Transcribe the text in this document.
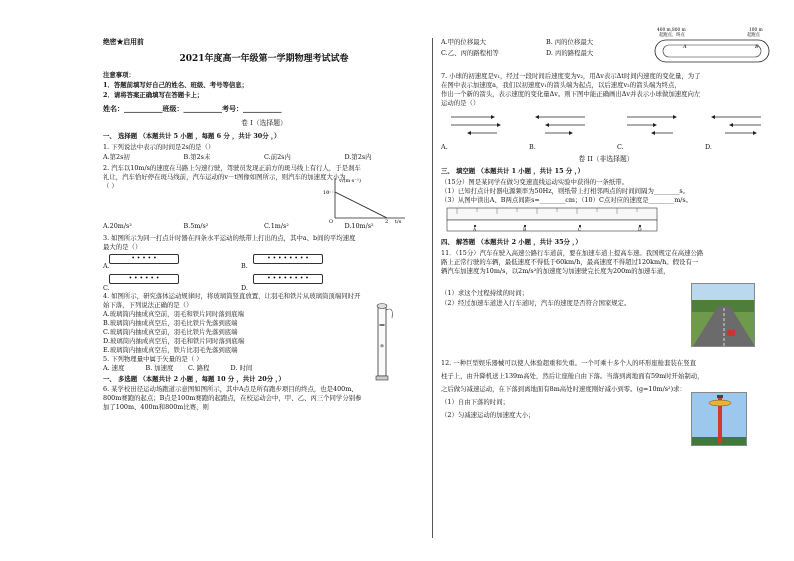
绝密★启用前
2021年度高一年级第一学期物理考试试卷
注意事项：
1．答题前填写好自己的姓名、班级、考号等信息；
2．请将答案正确填写在答题卡上；
姓名：___________班级：___________考号：___________
卷 I（选择题）

一、 选择题 （本题共计 5 小题 ，每题 6 分 ，共计 30分 ，）

1. 下列说法中表示的时间是2s的是（）

A.第2s初	B.第2s末	C.前2s内	D.第2s内

2. 汽车以10m/s的速度在马路上匀速行驶，驾驶员发现正前方的斑马线上有行人，于是刹车

礼让，汽车恰好停在斑马线前，汽车运动的v－t图像如图所示，则汽车的加速度大小为

（ ）
v/(m·s⁻¹)
10
O	2 t/s
A.20m/s²	B.5m/s²	C.1m/s²	D.10m/s²

3. 如图所示为同一打点计时器在四条水平运动的纸带上打出的点，其中a、b间的平均速度

最大的是（）

A.
• • • • •
B.
• • • • • • • •
C.
• • • • • •
D.
• • • • • • • •

4. 如图所示，研究落体运动规律时，将玻璃筒竖直放置，让羽毛和铁片从玻璃筒顶端同时开

始下落，下列说法正确的是（）

A.玻璃筒内抽成真空前，羽毛和铁片同时落到底端

B.玻璃筒内抽成真空后，羽毛比铁片先落到底端

C.玻璃筒内抽成真空前，羽毛比铁片先落到底端

D.玻璃筒内抽成真空后，羽毛和铁片同时落到底端

E.玻璃筒内抽成真空后，铁片比羽毛先落到底端

5. 下列物理量中属于矢量的是（ ）

A. 速度	B. 加速度	C. 路程	D. 时间

一、 多选题 （本题共计 2 小题 ，每题 10 分 ，共计 20分 ，）

6. 某学校田径运动场跑道示意图如图所示，其中A点是所有跑步项目的终点，也是400m、

800m赛跑的起点；B点是100m赛跑的起跑点，在校运动会中，甲、乙、丙三个同学分别参

加了100m、400m和800m比赛，则

A.甲的位移最大	B. 丙的位移最大
C.乙、丙的路程相等	D. 丙的路程最大
400 m,800 m
起跑点、终点
100 m
起跑点
A	B

7. 小球的初速度是v₁，经过一段时间后速度变为v₂，用Δv表示Δt时间内速度的变化量，为了

在图中表示加速度a，我们以初速度v₁的箭头端为起点，以后速度v₂的箭头端为终点，

作出一个新的箭头，表示速度的变化量Δv。则下图中能正确画出Δv并表示小球做加速度向左

运动的是（）

A.	B.	C.	D.
卷 II（非选择题）

三、 填空题 （本题共计 1 小题 ，共计 15 分 ，）

（15分）图是某同学在做匀变速直线运动实验中获得的一条纸带。

（1）已知打点计时器电源频率为50Hz，则纸带上打相邻两点的时间间隔为________s。

（3）从图中读出A、B两点间距s=________cm；（10）C点对应的速度是________m/s。

A	B	C	D

四、 解答题 （本题共计 2 小题 ，共计 35分 ，）

11．（15分）汽车在驶入高速公路行车道前，要在加速车道上提高车速。我国规定在高速公路

路上正常行驶的车辆，最低速度不得低于60km/h，最高速度不得超过120km/h。假设有一

辆汽车加速度为10m/s，以2m/s²的加速度匀加速驶完长度为200m的加速车道，

（1）求这个过程持续的时间；

（2）经过加速车道进入行车道时，汽车的速度是否符合国家规定。

12. 一种巨型娱乐器械可以使人体验超重和失重。一个可乘十多个人的环形座舱套装在竖直

柱子上，由升降机送上139m高处，然后让座舱自由下落。当落到离地面有59m时开始制动，

之后做匀减速运动，在下落到离地面有8m高处时速度刚好减小到零。(g=10m/s²)求：

（1）自由下落的时间；

（2）匀减速运动的加速度大小；
